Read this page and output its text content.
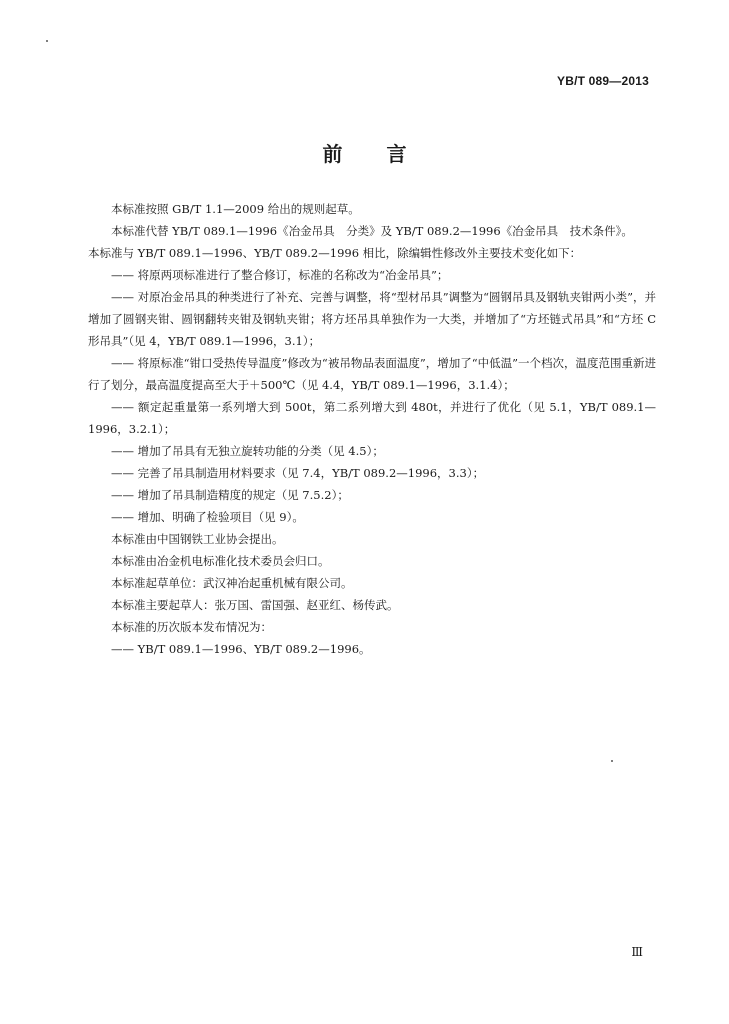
YB/T 089—2013
前 言

本标准按照 GB/T 1.1—2009 给出的规则起草。

本标准代替 YB/T 089.1—1996《冶金吊具　分类》及 YB/T 089.2—1996《冶金吊具　技术条件》。

本标准与 YB/T 089.1—1996、YB/T 089.2—1996 相比，除编辑性修改外主要技术变化如下：

—— 将原两项标准进行了整合修订，标准的名称改为“冶金吊具”；

—— 对原冶金吊具的种类进行了补充、完善与调整，将“型材吊具”调整为“圆钢吊具及钢轨夹钳两小类”，并增加了圆钢夹钳、圆钢翻转夹钳及钢轨夹钳；将方坯吊具单独作为一大类，并增加了“方坯链式吊具”和“方坯 C 形吊具”（见 4，YB/T 089.1—1996，3.1）；

—— 将原标准“钳口受热传导温度”修改为“被吊物品表面温度”，增加了“中低温”一个档次，温度范围重新进行了划分，最高温度提高至大于＋500℃（见 4.4，YB/T 089.1—1996，3.1.4）；

—— 额定起重量第一系列增大到 500t，第二系列增大到 480t，并进行了优化（见 5.1，YB/T 089.1—1996，3.2.1）；

—— 增加了吊具有无独立旋转功能的分类（见 4.5）；

—— 完善了吊具制造用材料要求（见 7.4，YB/T 089.2—1996，3.3）；

—— 增加了吊具制造精度的规定（见 7.5.2）；

—— 增加、明确了检验项目（见 9）。

本标准由中国钢铁工业协会提出。

本标准由冶金机电标准化技术委员会归口。

本标准起草单位：武汉神冶起重机械有限公司。

本标准主要起草人：张万国、雷国强、赵亚红、杨传武。

本标准的历次版本发布情况为：

—— YB/T 089.1—1996、YB/T 089.2—1996。

Ⅲ
